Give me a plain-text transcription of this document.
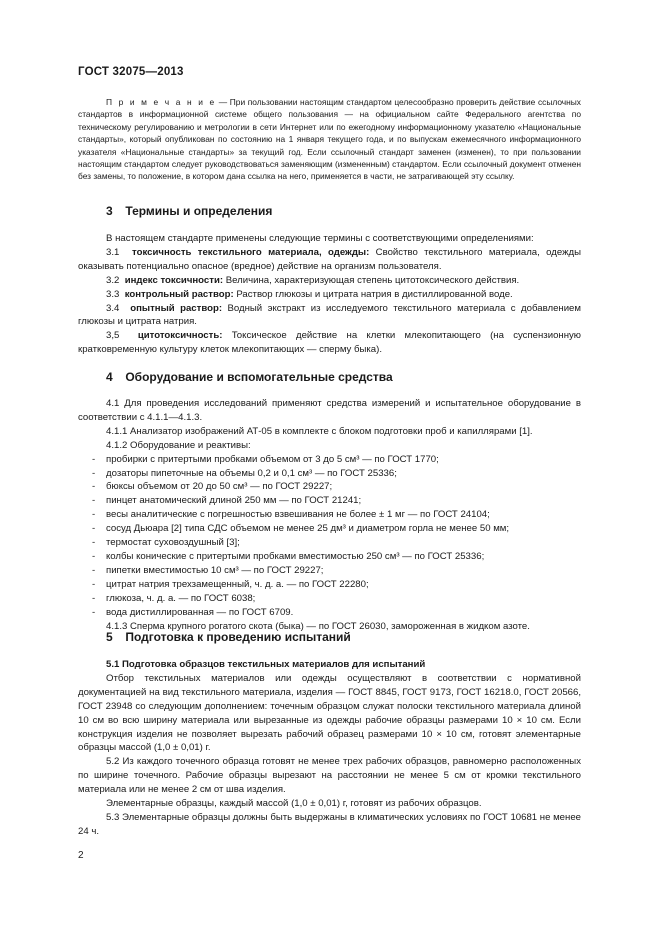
ГОСТ 32075—2013

П р и м е ч а н и е — При пользовании настоящим стандартом целесообразно проверить действие ссылочных стандартов в информационной системе общего пользования — на официальном сайте Федерального агентства по техническому регулированию и метрологии в сети Интернет или по ежегодному информационному указателю «Национальные стандарты», который опубликован по состоянию на 1 января текущего года, и по выпускам ежемесячного информационного указателя «Национальные стандарты» за текущий год. Если ссылочный стандарт заменен (изменен), то при пользовании настоящим стандартом следует руководствоваться заменяющим (измененным) стандартом. Если ссылочный документ отменен без замены, то положение, в котором дана ссылка на него, применяется в части, не затрагивающей эту ссылку.

3 Термины и определения

В настоящем стандарте применены следующие термины с соответствующими определениями:

3.1 токсичность текстильного материала, одежды: Свойство текстильного материала, одежды оказывать потенциально опасное (вредное) действие на организм пользователя.

3.2 индекс токсичности: Величина, характеризующая степень цитотоксического действия.

3.3 контрольный раствор: Раствор глюкозы и цитрата натрия в дистиллированной воде.

3.4 опытный раствор: Водный экстракт из исследуемого текстильного материала с добавлением глюкозы и цитрата натрия.

3,5 цитотоксичность: Токсическое действие на клетки млекопитающего (на суспензионную кратковременную культуру клеток млекопитающих — сперму быка).

4 Оборудование и вспомогательные средства

4.1 Для проведения исследований применяют средства измерений и испытательное оборудование в соответствии с 4.1.1—4.1.3.

4.1.1 Анализатор изображений АТ-05 в комплекте с блоком подготовки проб и капиллярами [1].

4.1.2 Оборудование и реактивы:

- пробирки с притертыми пробками объемом от 3 до 5 см³ — по ГОСТ 1770;

- дозаторы пипеточные на объемы 0,2 и 0,1 см³ — по ГОСТ 25336;

- бюксы объемом от 20 до 50 см³ — по ГОСТ 29227;

- пинцет анатомический длиной 250 мм — по ГОСТ 21241;

- весы аналитические с погрешностью взвешивания не более ± 1 мг — по ГОСТ 24104;

- сосуд Дьюара [2] типа СДС объемом не менее 25 дм³ и диаметром горла не менее 50 мм;

- термостат суховоздушный [3];

- колбы конические с притертыми пробками вместимостью 250 см³ — по ГОСТ 25336;

- пипетки вместимостью 10 см³ — по ГОСТ 29227;

- цитрат натрия трехзамещенный, ч. д. а. — по ГОСТ 22280;

- глюкоза, ч. д. а. — по ГОСТ 6038;

- вода дистиллированная — по ГОСТ 6709.

4.1.3 Сперма крупного рогатого скота (быка) — по ГОСТ 26030, замороженная в жидком азоте.

5 Подготовка к проведению испытаний

5.1 Подготовка образцов текстильных материалов для испытаний

Отбор текстильных материалов или одежды осуществляют в соответствии с нормативной документацией на вид текстильного материала, изделия — ГОСТ 8845, ГОСТ 9173, ГОСТ 16218.0, ГОСТ 20566, ГОСТ 23948 со следующим дополнением: точечным образцом служат полоски текстильного материала длиной 10 см во всю ширину материала или вырезанные из одежды рабочие образцы размерами 10 × 10 см. Если конструкция изделия не позволяет вырезать рабочий образец размерами 10 × 10 см, готовят элементарные образцы массой (1,0 ± 0,01) г.

5.2 Из каждого точечного образца готовят не менее трех рабочих образцов, равномерно расположенных по ширине точечного. Рабочие образцы вырезают на расстоянии не менее 5 см от кромки текстильного материала или не менее 2 см от шва изделия.

Элементарные образцы, каждый массой (1,0 ± 0,01) г, готовят из рабочих образцов.

5.3 Элементарные образцы должны быть выдержаны в климатических условиях по ГОСТ 10681 не менее 24 ч.

2
